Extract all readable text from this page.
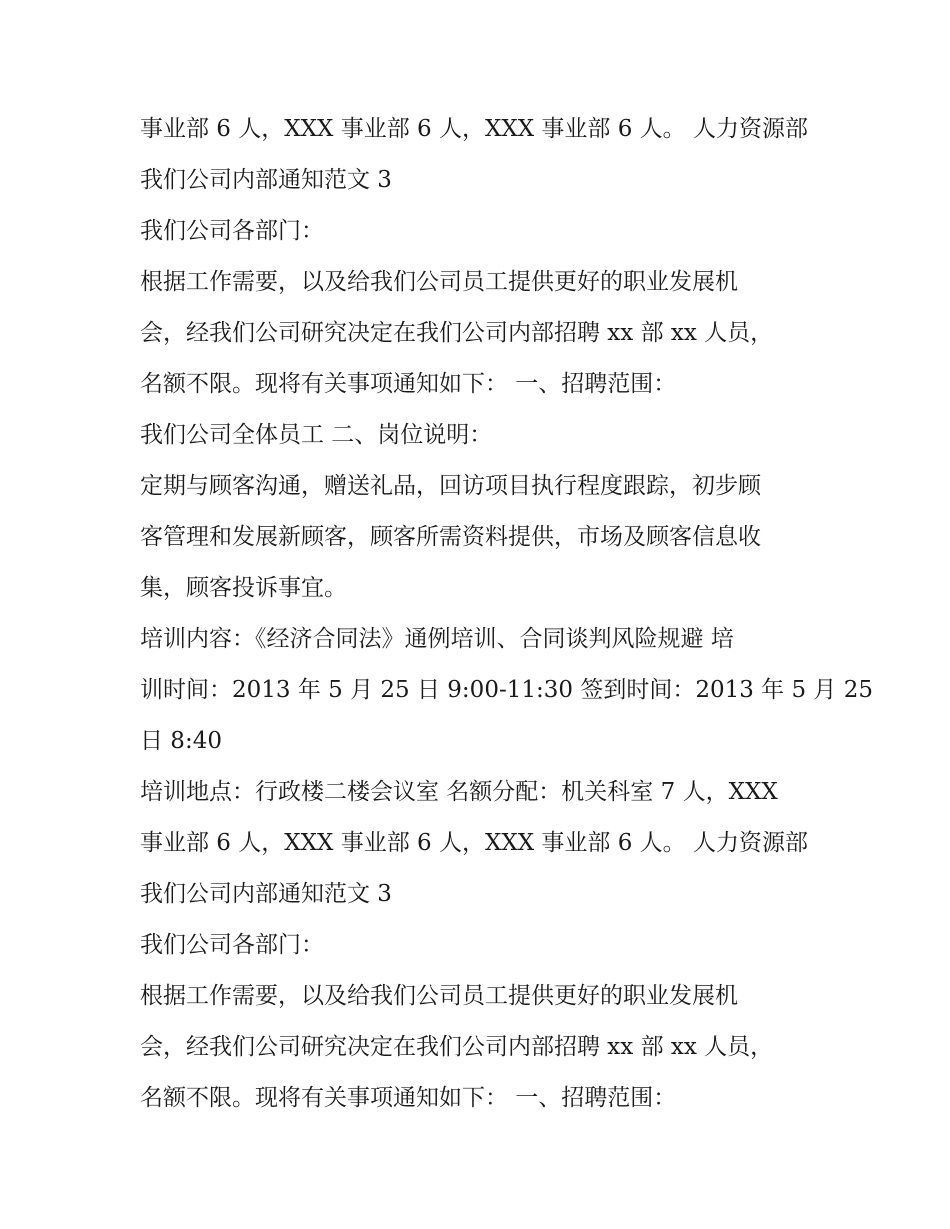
事业部 6 人，XXX 事业部 6 人，XXX 事业部 6 人。 人力资源部
我们公司内部通知范文 3
我们公司各部门：
根据工作需要，以及给我们公司员工提供更好的职业发展机
会，经我们公司研究决定在我们公司内部招聘 xx 部 xx 人员，
名额不限。现将有关事项通知如下： 一、招聘范围：
我们公司全体员工 二、岗位说明：
定期与顾客沟通，赠送礼品，回访项目执行程度跟踪，初步顾
客管理和发展新顾客，顾客所需资料提供，市场及顾客信息收
集，顾客投诉事宜。
培训内容：《经济合同法》通例培训、合同谈判风险规避 培
训时间：2013 年 5 月 25 日 9:00-11:30 签到时间：2013 年 5 月 25
日 8:40
培训地点：行政楼二楼会议室 名额分配：机关科室 7 人，XXX
事业部 6 人，XXX 事业部 6 人，XXX 事业部 6 人。 人力资源部
我们公司内部通知范文 3
我们公司各部门：
根据工作需要，以及给我们公司员工提供更好的职业发展机
会，经我们公司研究决定在我们公司内部招聘 xx 部 xx 人员，
名额不限。现将有关事项通知如下： 一、招聘范围：
